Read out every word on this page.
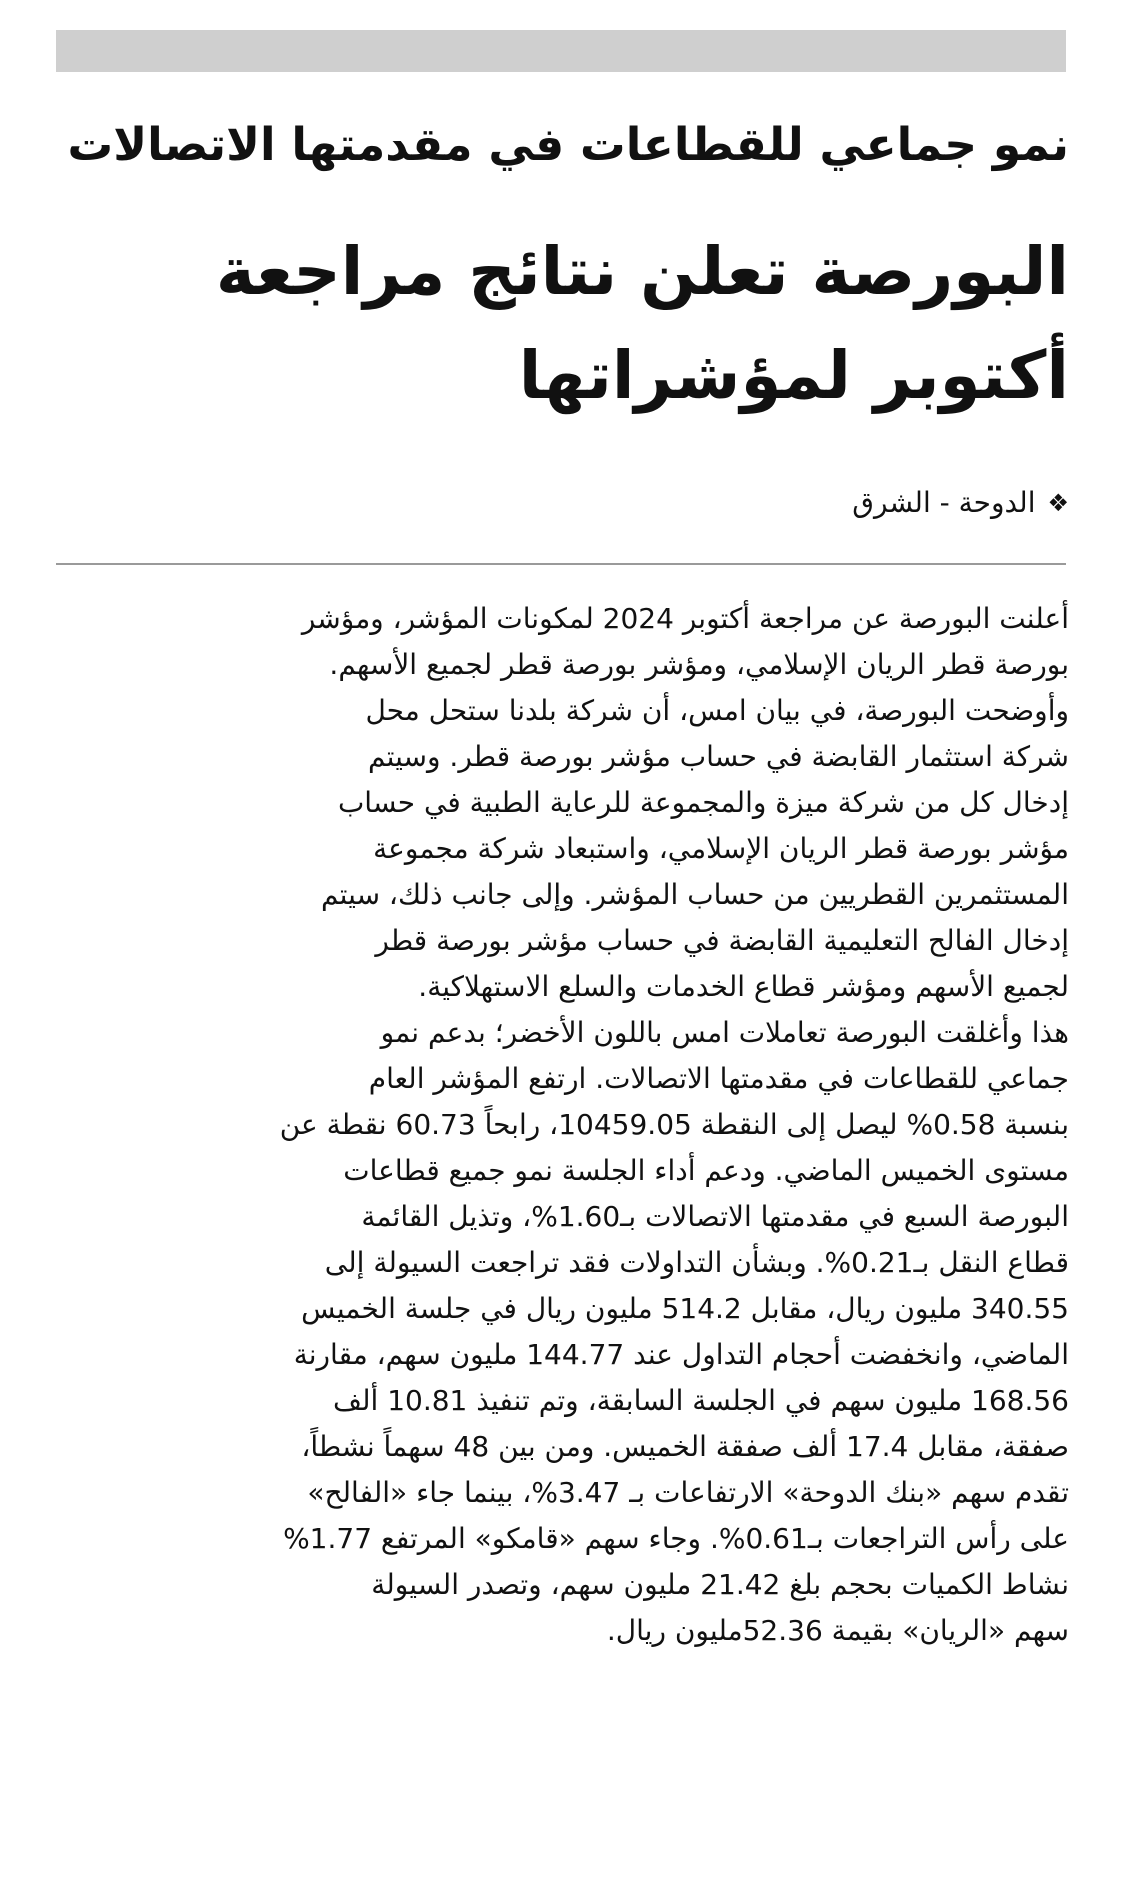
نمو جماعي للقطاعات في مقدمتها الاتصالات
البورصة تعلن نتائج مراجعة
أكتوبر لمؤشراتها
❖
الدوحة - الشرق
أعلنت البورصة عن مراجعة أكتوبر 2024 لمكونات المؤشر، ومؤشر
بورصة قطر الريان الإسلامي، ومؤشر بورصة قطر لجميع الأسهم.
وأوضحت البورصة، في بيان امس، أن شركة بلدنا ستحل محل
شركة استثمار القابضة في حساب مؤشر بورصة قطر. وسيتم
إدخال كل من شركة ميزة والمجموعة للرعاية الطبية في حساب
مؤشر بورصة قطر الريان الإسلامي، واستبعاد شركة مجموعة
المستثمرين القطريين من حساب المؤشر. وإلى جانب ذلك، سيتم
إدخال الفالح التعليمية القابضة في حساب مؤشر بورصة قطر
لجميع الأسهم ومؤشر قطاع الخدمات والسلع الاستهلاكية.
هذا وأغلقت البورصة تعاملات امس باللون الأخضر؛ بدعم نمو
جماعي للقطاعات في مقدمتها الاتصالات. ارتفع المؤشر العام
بنسبة 0.58% ليصل إلى النقطة 10459.05، رابحاً 60.73 نقطة عن
مستوى الخميس الماضي. ودعم أداء الجلسة نمو جميع قطاعات
البورصة السبع في مقدمتها الاتصالات بـ1.60%، وتذيل القائمة
قطاع النقل بـ0.21%. وبشأن التداولات فقد تراجعت السيولة إلى
340.55 مليون ريال، مقابل 514.2 مليون ريال في جلسة الخميس
الماضي، وانخفضت أحجام التداول عند 144.77 مليون سهم، مقارنة
168.56 مليون سهم في الجلسة السابقة، وتم تنفيذ 10.81 ألف
صفقة، مقابل 17.4 ألف صفقة الخميس. ومن بين 48 سهماً نشطاً،
تقدم سهم «بنك الدوحة» الارتفاعات بـ 3.47%، بينما جاء «الفالح»
على رأس التراجعات بـ0.61%. وجاء سهم «قامكو» المرتفع 1.77%
نشاط الكميات بحجم بلغ 21.42 مليون سهم، وتصدر السيولة
سهم «الريان» بقيمة 52.36مليون ريال.
